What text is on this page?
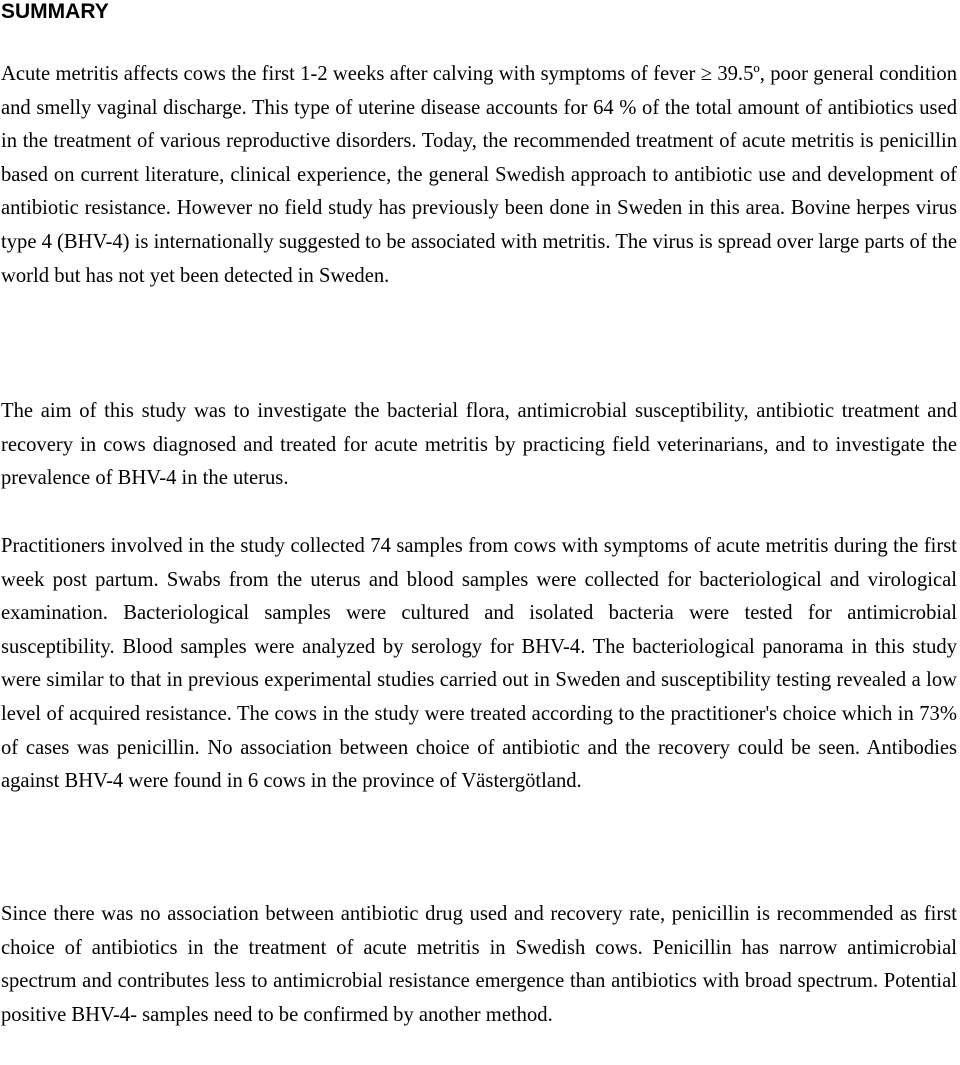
SUMMARY

Acute metritis affects cows the first 1-2 weeks after calving with symptoms of fever ≥ 39.5º, poor general condition and smelly vaginal discharge. This type of uterine disease accounts for 64 % of the total amount of antibiotics used in the treatment of various reproductive disorders. Today, the recommended treatment of acute metritis is penicillin based on current literature, clinical experience, the general Swedish approach to antibiotic use and development of antibiotic resistance. However no field study has previously been done in Sweden in this area. Bovine herpes virus type 4 (BHV-4) is internationally suggested to be associated with metritis. The virus is spread over large parts of the world but has not yet been detected in Sweden.

The aim of this study was to investigate the bacterial flora, antimicrobial susceptibility, antibiotic treatment and recovery in cows diagnosed and treated for acute metritis by practicing field veterinarians, and to investigate the prevalence of BHV-4 in the uterus.

Practitioners involved in the study collected 74 samples from cows with symptoms of acute metritis during the first week post partum. Swabs from the uterus and blood samples were collected for bacteriological and virological examination. Bacteriological samples were cultured and isolated bacteria were tested for antimicrobial susceptibility. Blood samples were analyzed by serology for BHV-4. The bacteriological panorama in this study were similar to that in previous experimental studies carried out in Sweden and susceptibility testing revealed a low level of acquired resistance. The cows in the study were treated according to the practitioner's choice which in 73% of cases was penicillin. No association between choice of antibiotic and the recovery could be seen. Antibodies against BHV-4 were found in 6 cows in the province of Västergötland.

Since there was no association between antibiotic drug used and recovery rate, penicillin is recommended as first choice of antibiotics in the treatment of acute metritis in Swedish cows. Penicillin has narrow antimicrobial spectrum and contributes less to antimicrobial resistance emergence than antibiotics with broad spectrum. Potential positive BHV-4- samples need to be confirmed by another method.
